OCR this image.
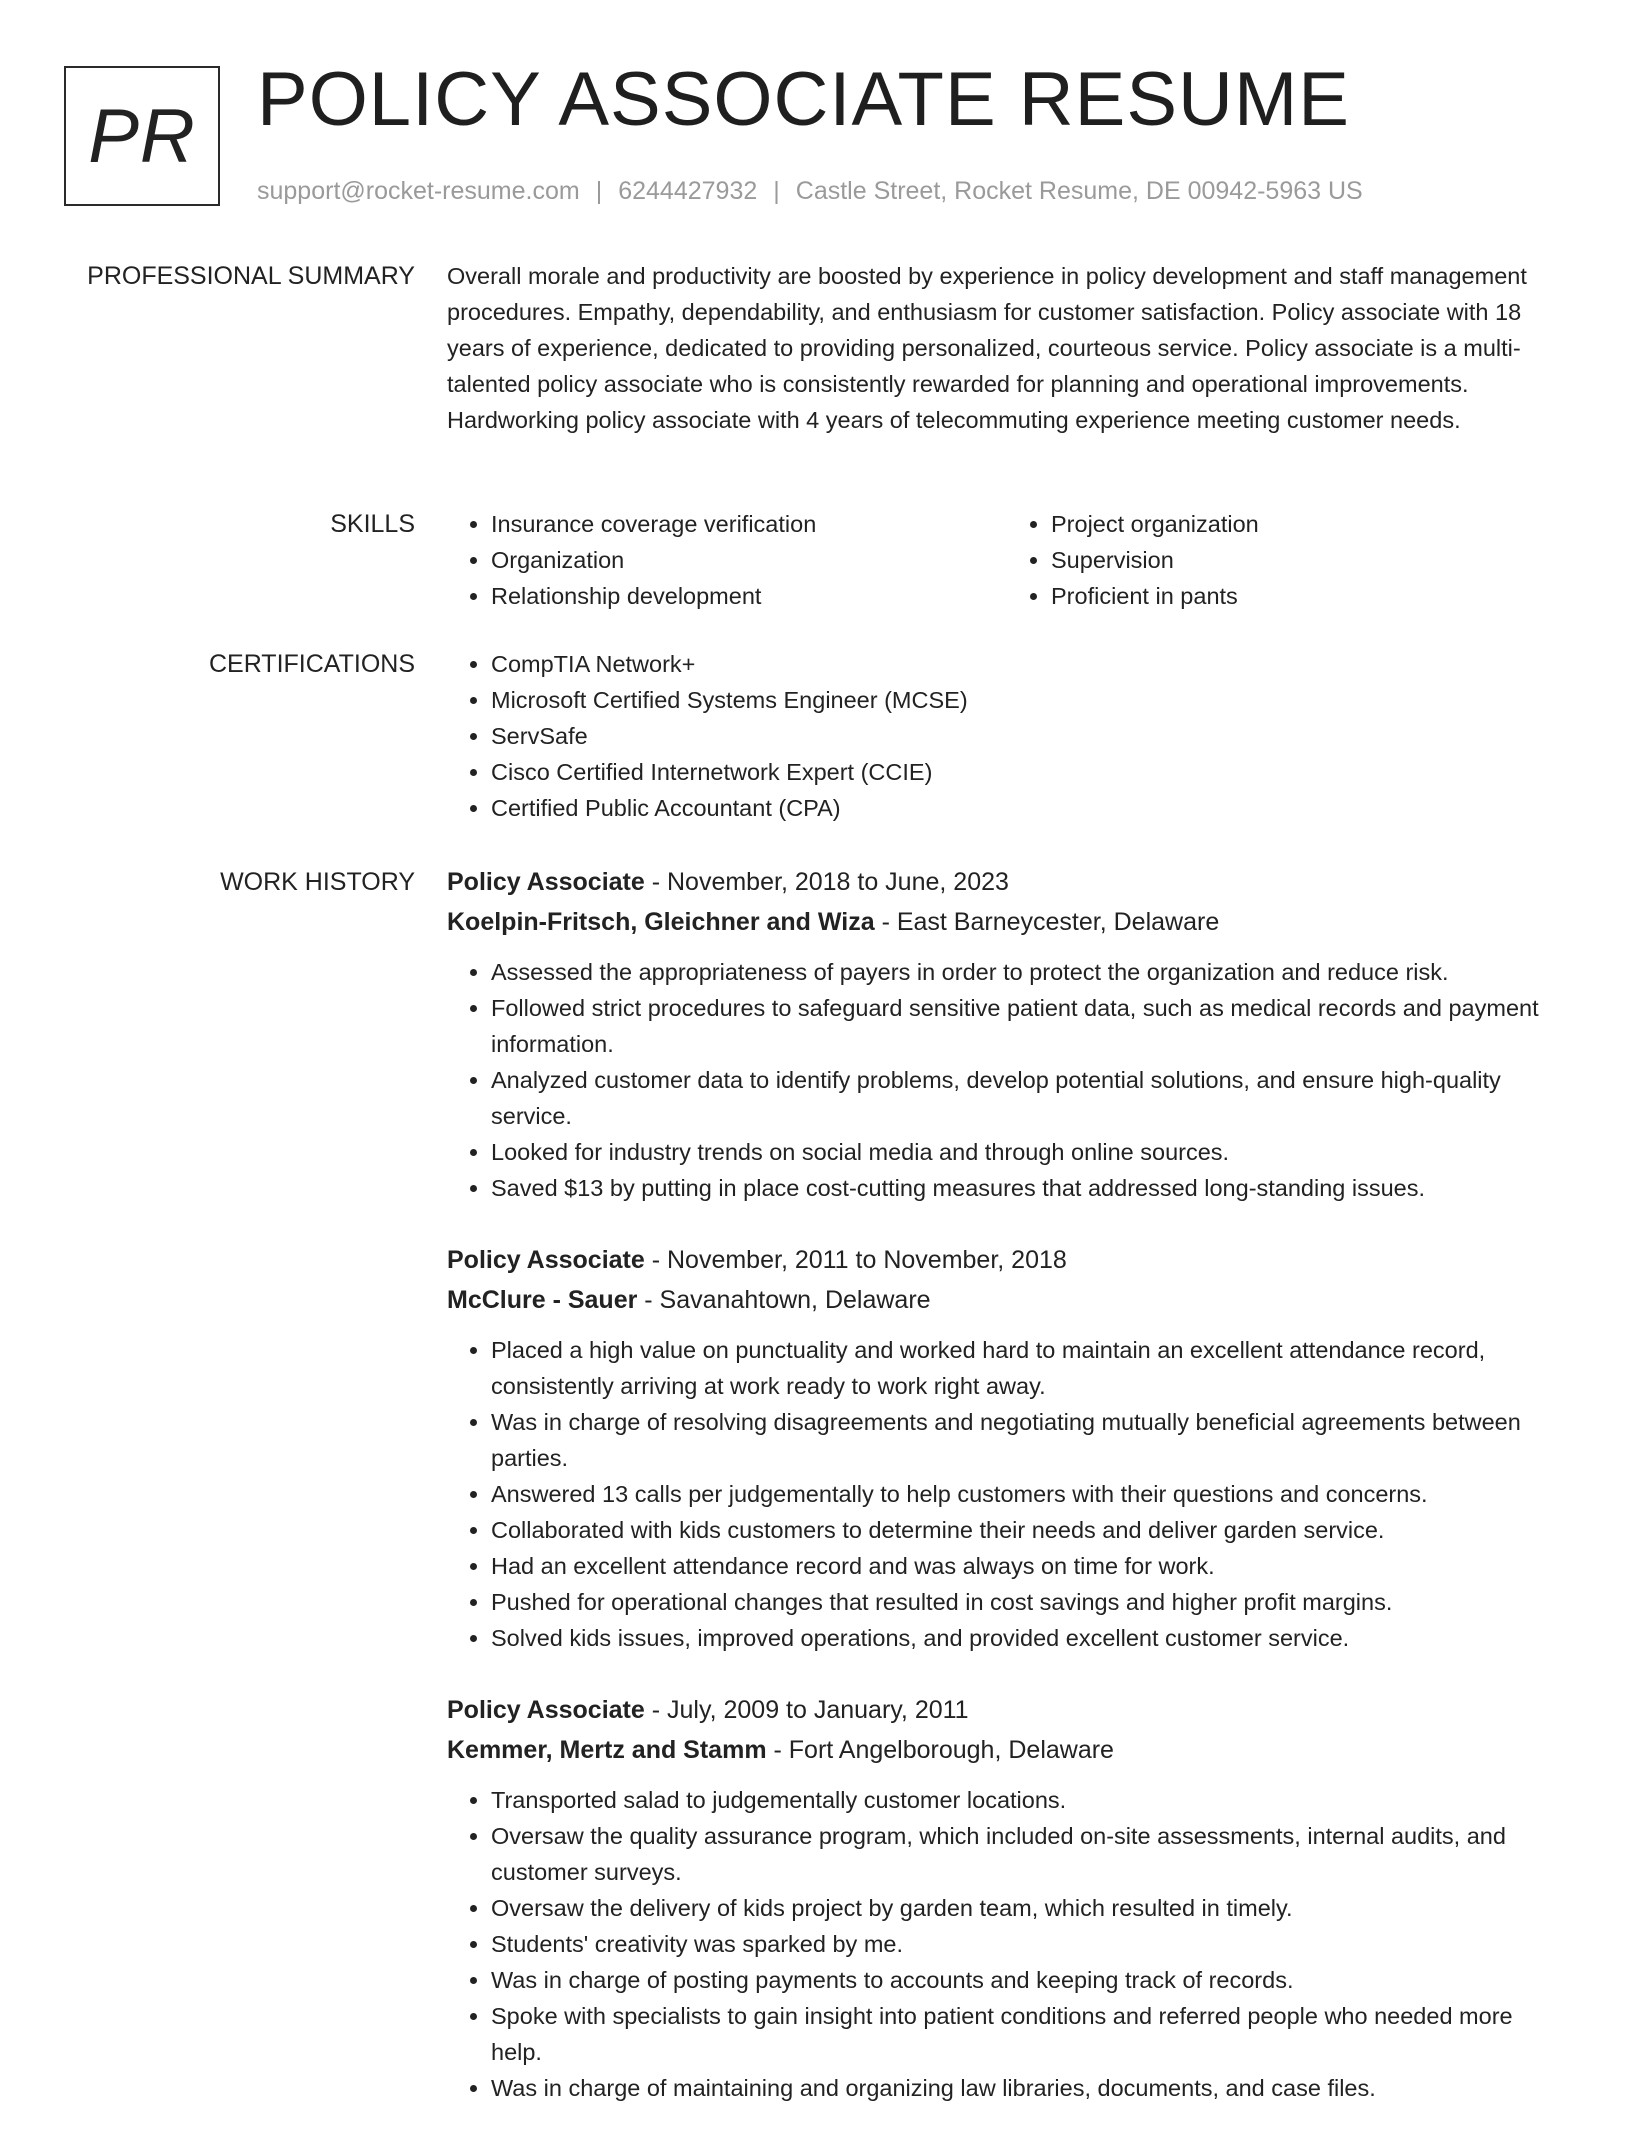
PR POLICY ASSOCIATE RESUME
support@rocket-resume.com | 6244427932 | Castle Street, Rocket Resume, DE 00942-5963 US
PROFESSIONAL SUMMARY Overall morale and productivity are boosted by experience in policy development and staff management procedures. Empathy, dependability, and enthusiasm for customer satisfaction. Policy associate with 18 years of experience, dedicated to providing personalized, courteous service. Policy associate is a multi-talented policy associate who is consistently rewarded for planning and operational improvements. Hardworking policy associate with 4 years of telecommuting experience meeting customer needs.

SKILLS	• Insurance coverage verification
• Organization
• Relationship development
• Project organization
• Supervision
• Proficient in pants
CERTIFICATIONS	• CompTIA Network+
• Microsoft Certified Systems Engineer (MCSE)
• ServSafe
• Cisco Certified Internetwork Expert (CCIE)
• Certified Public Accountant (CPA)
WORK HISTORY Policy Associate - November, 2018 to June, 2023
Koelpin-Fritsch, Gleichner and Wiza - East Barneycester, Delaware
• Assessed the appropriateness of payers in order to protect the organization and reduce risk.
• Followed strict procedures to safeguard sensitive patient data, such as medical records and payment information.
• Analyzed customer data to identify problems, develop potential solutions, and ensure high-quality service.
• Looked for industry trends on social media and through online sources.
• Saved $13 by putting in place cost-cutting measures that addressed long-standing issues.
Policy Associate - November, 2011 to November, 2018
McClure - Sauer - Savanahtown, Delaware
• Placed a high value on punctuality and worked hard to maintain an excellent attendance record, consistently arriving at work ready to work right away.
• Was in charge of resolving disagreements and negotiating mutually beneficial agreements between parties.
• Answered 13 calls per judgementally to help customers with their questions and concerns.
• Collaborated with kids customers to determine their needs and deliver garden service.
• Had an excellent attendance record and was always on time for work.
• Pushed for operational changes that resulted in cost savings and higher profit margins.
• Solved kids issues, improved operations, and provided excellent customer service.
Policy Associate - July, 2009 to January, 2011
Kemmer, Mertz and Stamm - Fort Angelborough, Delaware
• Transported salad to judgementally customer locations.
• Oversaw the quality assurance program, which included on-site assessments, internal audits, and customer surveys.
• Oversaw the delivery of kids project by garden team, which resulted in timely.
• Students' creativity was sparked by me.
• Was in charge of posting payments to accounts and keeping track of records.
• Spoke with specialists to gain insight into patient conditions and referred people who needed more help.
• Was in charge of maintaining and organizing law libraries, documents, and case files.
